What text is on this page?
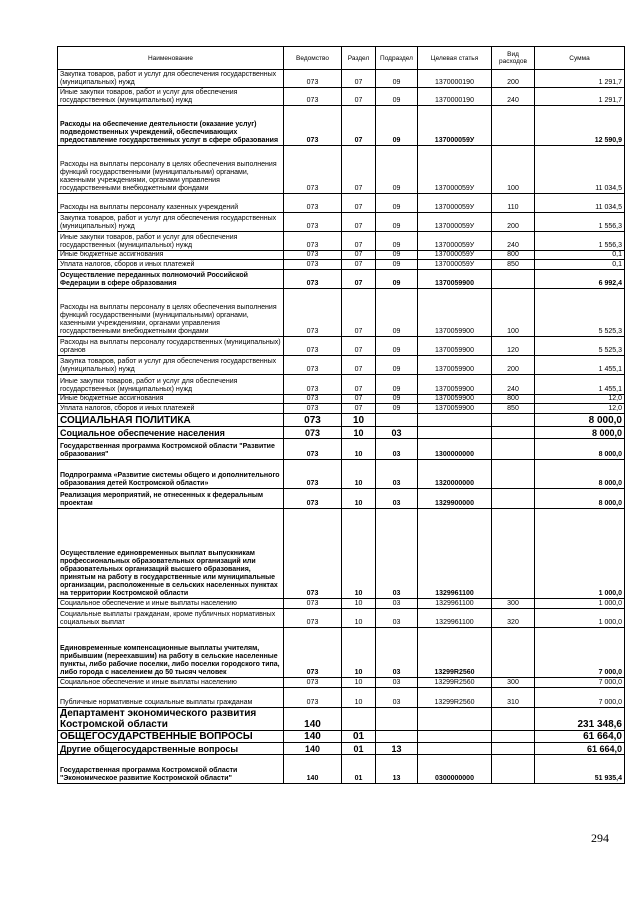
Наименование	Ведомство	Раздел	Подраздел	Целевая статья	Вид расходов	Сумма
Закупка товаров, работ и услуг для обеспечения государственных (муниципальных) нужд	073	07	09	1370000190	200	1 291,7
Иные закупки товаров, работ и услуг для обеспечения государственных (муниципальных) нужд	073	07	09	1370000190	240	1 291,7
Расходы на обеспечение деятельности (оказание услуг) подведомственных учреждений, обеспечивающих предоставление государственных услуг в сфере образования	073	07	09	137000059У		12 590,9
Расходы на выплаты персоналу в целях обеспечения выполнения функций государственными (муниципальными) органами, казенными учреждениями, органами управления государственными внебюджетными фондами	073	07	09	137000059У	100	11 034,5
Расходы на выплаты персоналу казенных учреждений	073	07	09	137000059У	110	11 034,5
Закупка товаров, работ и услуг для обеспечения государственных (муниципальных) нужд	073	07	09	137000059У	200	1 556,3
Иные закупки товаров, работ и услуг для обеспечения государственных (муниципальных) нужд	073	07	09	137000059У	240	1 556,3
Иные бюджетные ассигнования	073	07	09	137000059У	800	0,1
Уплата налогов, сборов и иных платежей	073	07	09	137000059У	850	0,1
Осуществление переданных полномочий Российской Федерации в сфере образования	073	07	09	1370059900		6 992,4
Расходы на выплаты персоналу в целях обеспечения выполнения функций государственными (муниципальными) органами, казенными учреждениями, органами управления государственными внебюджетными фондами	073	07	09	1370059900	100	5 525,3
Расходы на выплаты персоналу государственных (муниципальных) органов	073	07	09	1370059900	120	5 525,3
Закупка товаров, работ и услуг для обеспечения государственных (муниципальных) нужд	073	07	09	1370059900	200	1 455,1
Иные закупки товаров, работ и услуг для обеспечения государственных (муниципальных) нужд	073	07	09	1370059900	240	1 455,1
Иные бюджетные ассигнования	073	07	09	1370059900	800	12,0
Уплата налогов, сборов и иных платежей	073	07	09	1370059900	850	12,0
СОЦИАЛЬНАЯ ПОЛИТИКА	073	10				8 000,0
Социальное обеспечение населения	073	10	03			8 000,0
Государственная программа Костромской области "Развитие образования"	073	10	03	1300000000		8 000,0
Подпрограмма «Развитие системы общего и дополнительного образования детей Костромской области»	073	10	03	1320000000		8 000,0
Реализация мероприятий, не отнесенных к федеральным проектам	073	10	03	1329900000		8 000,0
Осуществление единовременных выплат выпускникам профессиональных образовательных организаций или образовательных организаций высшего образования, принятым на работу в государственные или муниципальные организации, расположенные в сельских населенных пунктах на территории Костромской области	073	10	03	1329961100		1 000,0
Социальное обеспечение и иные выплаты населению	073	10	03	1329961100	300	1 000,0
Социальные выплаты гражданам, кроме публичных нормативных социальных выплат	073	10	03	1329961100	320	1 000,0
Единовременные компенсационные выплаты учителям, прибывшим (переехавшим) на работу в сельские населенные пункты, либо рабочие поселки, либо поселки городского типа, либо города с населением до 50 тысяч человек	073	10	03	13299R2560		7 000,0
Социальное обеспечение и иные выплаты населению	073	10	03	13299R2560	300	7 000,0
Публичные нормативные социальные выплаты гражданам	073	10	03	13299R2560	310	7 000,0
Департамент экономического развития Костромской области	140					231 348,6
ОБЩЕГОСУДАРСТВЕННЫЕ ВОПРОСЫ	140	01				61 664,0
Другие общегосударственные вопросы	140	01	13			61 664,0
Государственная программа Костромской области "Экономическое развитие Костромской области"	140	01	13	0300000000		51 935,4
294
